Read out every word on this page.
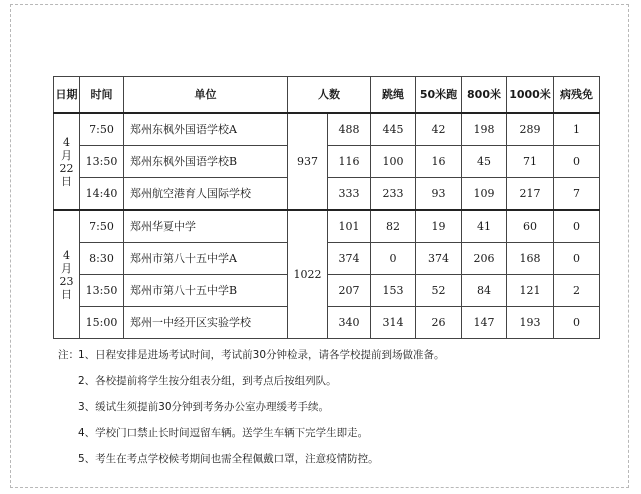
日期	时间	单位	人数		跳绳	50米跑	800米	1000米	病残免

4
月
22
日	7:50	郑州东枫外国语学校A	937	488	445	42	198	289	1
	13:50	郑州东枫外国语学校B		116	100	16	45	71	0
	14:40	郑州航空港育人国际学校		333	233	93	109	217	7

4
月
23
日	7:50	郑州华夏中学	1022	101	82	19	41	60	0
	8:30	郑州市第八十五中学A		374	0	374	206	168	0
	13:50	郑州市第八十五中学B		207	153	52	84	121	2
	15:00	郑州一中经开区实验学校		340	314	26	147	193	0
注：1、日程安排是进场考试时间，考试前30分钟检录，请各学校提前到场做准备。
2、各校提前将学生按分组表分组，到考点后按组列队。
3、缓试生须提前30分钟到考务办公室办理缓考手续。
4、学校门口禁止长时间逗留车辆。送学生车辆下完学生即走。
5、考生在考点学校候考期间也需全程佩戴口罩，注意疫情防控。
